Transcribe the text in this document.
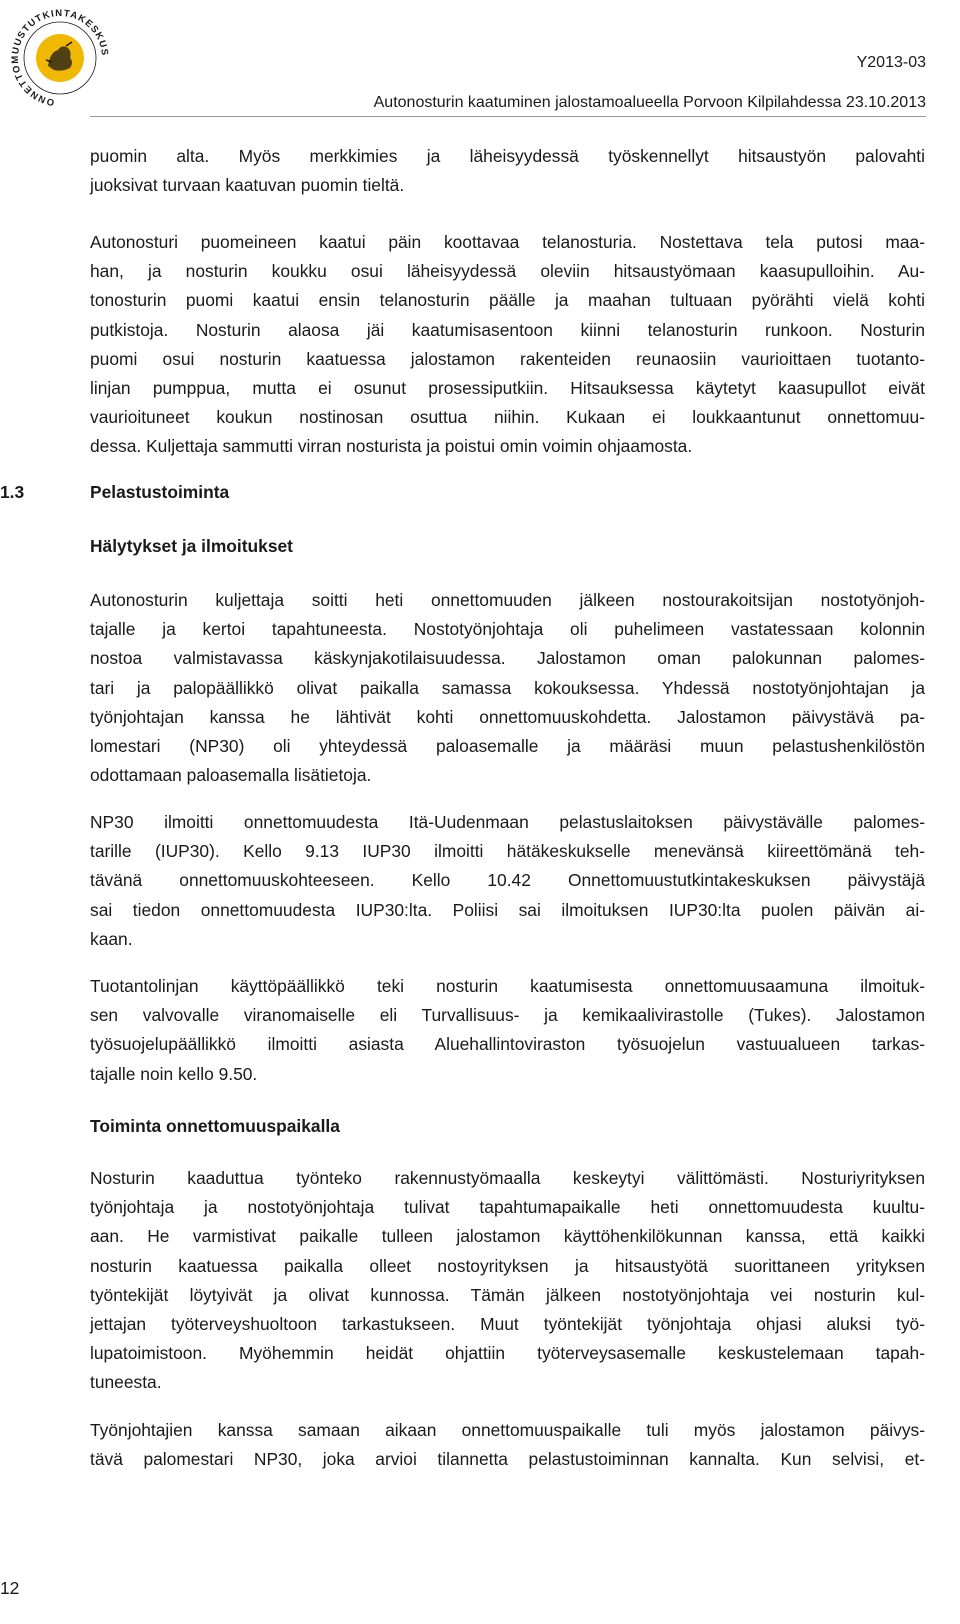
ONNETTOMUUSTUTKINTAKESKUS
Y2013-03
Autonosturin kaatuminen jalostamoalueella Porvoon Kilpilahdessa 23.10.2013

puomin alta. Myös merkkimies ja läheisyydessä työskennellyt hitsaustyön palovahti
juoksivat turvaan kaatuvan puomin tieltä.

Autonosturi puomeineen kaatui päin koottavaa telanosturia. Nostettava tela putosi maa-
han, ja nosturin koukku osui läheisyydessä oleviin hitsaustyömaan kaasupulloihin. Au-
tonosturin puomi kaatui ensin telanosturin päälle ja maahan tultuaan pyörähti vielä kohti
putkistoja. Nosturin alaosa jäi kaatumisasentoon kiinni telanosturin runkoon. Nosturin
puomi osui nosturin kaatuessa jalostamon rakenteiden reunaosiin vaurioittaen tuotanto-
linjan pumppua, mutta ei osunut prosessiputkiin. Hitsauksessa käytetyt kaasupullot eivät
vaurioituneet koukun nostinosan osuttua niihin. Kukaan ei loukkaantunut onnettomuu-
dessa. Kuljettaja sammutti virran nosturista ja poistui omin voimin ohjaamosta.

1.3	Pelastustoiminta
Hälytykset ja ilmoitukset

Autonosturin kuljettaja soitti heti onnettomuuden jälkeen nostourakoitsijan nostotyönjoh-
tajalle ja kertoi tapahtuneesta. Nostotyönjohtaja oli puhelimeen vastatessaan kolonnin
nostoa valmistavassa käskynjakotilaisuudessa. Jalostamon oman palokunnan palomes-
tari ja palopäällikkö olivat paikalla samassa kokouksessa. Yhdessä nostotyönjohtajan ja
työnjohtajan kanssa he lähtivät kohti onnettomuuskohdetta. Jalostamon päivystävä pa-
lomestari (NP30) oli yhteydessä paloasemalle ja määräsi muun pelastushenkilöstön
odottamaan paloasemalla lisätietoja.

NP30 ilmoitti onnettomuudesta Itä-Uudenmaan pelastuslaitoksen päivystävälle palomes-
tarille (IUP30). Kello 9.13 IUP30 ilmoitti hätäkeskukselle menevänsä kiireettömänä teh-
tävänä onnettomuuskohteeseen. Kello 10.42 Onnettomuustutkintakeskuksen päivystäjä
sai tiedon onnettomuudesta IUP30:lta. Poliisi sai ilmoituksen IUP30:lta puolen päivän ai-
kaan.

Tuotantolinjan käyttöpäällikkö teki nosturin kaatumisesta onnettomuusaamuna ilmoituk-
sen valvovalle viranomaiselle eli Turvallisuus- ja kemikaalivirastolle (Tukes). Jalostamon
työsuojelupäällikkö ilmoitti asiasta Aluehallintoviraston työsuojelun vastuualueen tarkas-
tajalle noin kello 9.50.

Toiminta onnettomuuspaikalla

Nosturin kaaduttua työnteko rakennustyömaalla keskeytyi välittömästi. Nosturiyrityksen
työnjohtaja ja nostotyönjohtaja tulivat tapahtumapaikalle heti onnettomuudesta kuultu-
aan. He varmistivat paikalle tulleen jalostamon käyttöhenkilökunnan kanssa, että kaikki
nosturin kaatuessa paikalla olleet nostoyrityksen ja hitsaustyötä suorittaneen yrityksen
työntekijät löytyivät ja olivat kunnossa. Tämän jälkeen nostotyönjohtaja vei nosturin kul-
jettajan työterveyshuoltoon tarkastukseen. Muut työntekijät työnjohtaja ohjasi aluksi työ-
lupatoimistoon. Myöhemmin heidät ohjattiin työterveysasemalle keskustelemaan tapah-
tuneesta.

Työnjohtajien kanssa samaan aikaan onnettomuuspaikalle tuli myös jalostamon päivys-
tävä palomestari NP30, joka arvioi tilannetta pelastustoiminnan kannalta. Kun selvisi, et-

12
